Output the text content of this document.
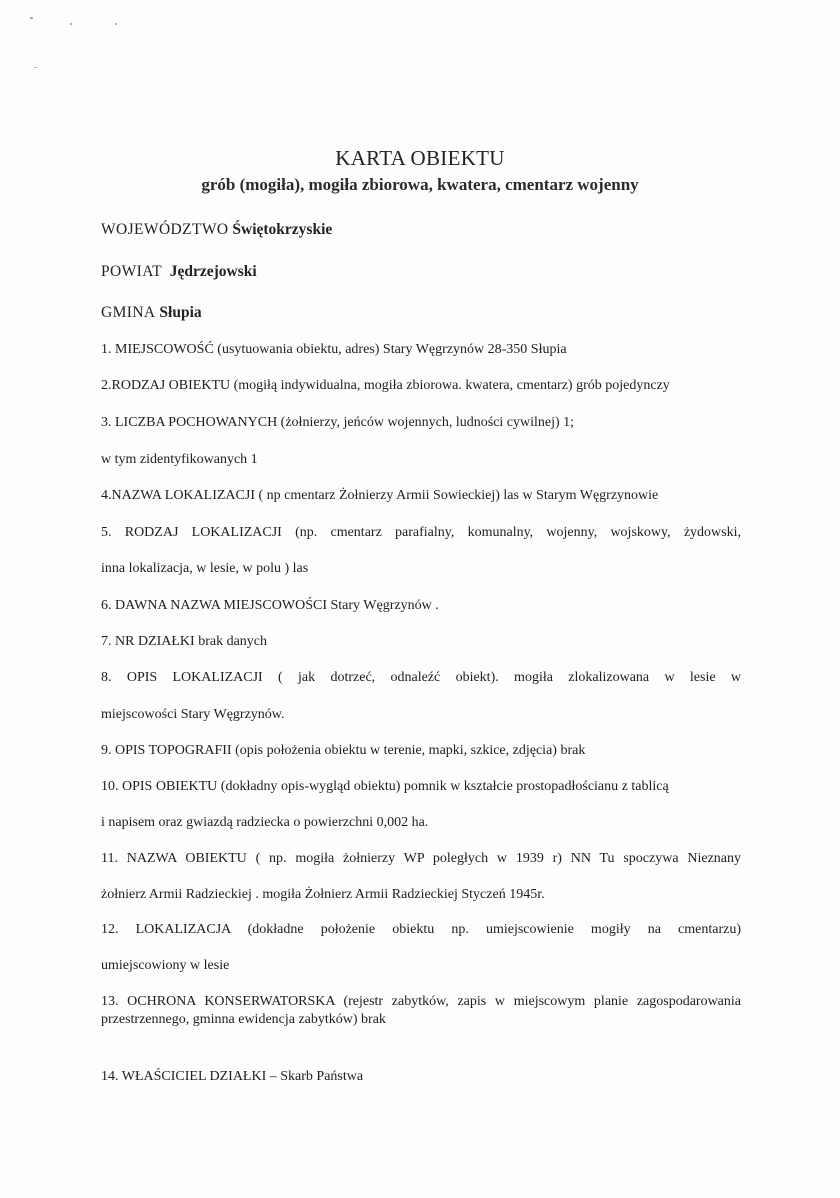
KARTA OBIEKTU
grób (mogiła), mogiła zbiorowa, kwatera, cmentarz wojenny
WOJEWÓDZTWO Świętokrzyskie
POWIAT Jędrzejowski
GMINA Słupia
1. MIEJSCOWOŚĆ (usytuowania obiektu, adres) Stary Węgrzynów 28-350 Słupia
2.RODZAJ OBIEKTU (mogiłą indywidualna, mogiła zbiorowa. kwatera, cmentarz) grób pojedynczy
3. LICZBA POCHOWANYCH (żołnierzy, jeńców wojennych, ludności cywilnej) 1;
w tym zidentyfikowanych 1
4.NAZWA LOKALIZACJI ( np cmentarz Żołnierzy Armii Sowieckiej) las w Starym Węgrzynowie
5. RODZAJ LOKALIZACJI (np. cmentarz parafialny, komunalny, wojenny, wojskowy, żydowski,
inna lokalizacja, w lesie, w polu ) las
6. DAWNA NAZWA MIEJSCOWOŚCI Stary Węgrzynów .
7. NR DZIAŁKI brak danych
8. OPIS LOKALIZACJI ( jak dotrzeć, odnaleźć obiekt). mogiła zlokalizowana w lesie w
miejscowości Stary Węgrzynów.
9. OPIS TOPOGRAFII (opis położenia obiektu w terenie, mapki, szkice, zdjęcia) brak
10. OPIS OBIEKTU (dokładny opis-wygląd obiektu) pomnik w kształcie prostopadłościanu z tablicą
i napisem oraz gwiazdą radziecka o powierzchni 0,002 ha.
11. NAZWA OBIEKTU ( np. mogiła żołnierzy WP poległych w 1939 r) NN Tu spoczywa Nieznany
żołnierz Armii Radzieckiej . mogiła Żołnierz Armii Radzieckiej Styczeń 1945r.
12. LOKALIZACJA (dokładne położenie obiektu np. umiejscowienie mogiły na cmentarzu)
umiejscowiony w lesie
13. OCHRONA KONSERWATORSKA (rejestr zabytków, zapis w miejscowym planie zagospodarowania przestrzennego, gminna ewidencja zabytków) brak
14. WŁAŚCICIEL DZIAŁKI – Skarb Państwa
